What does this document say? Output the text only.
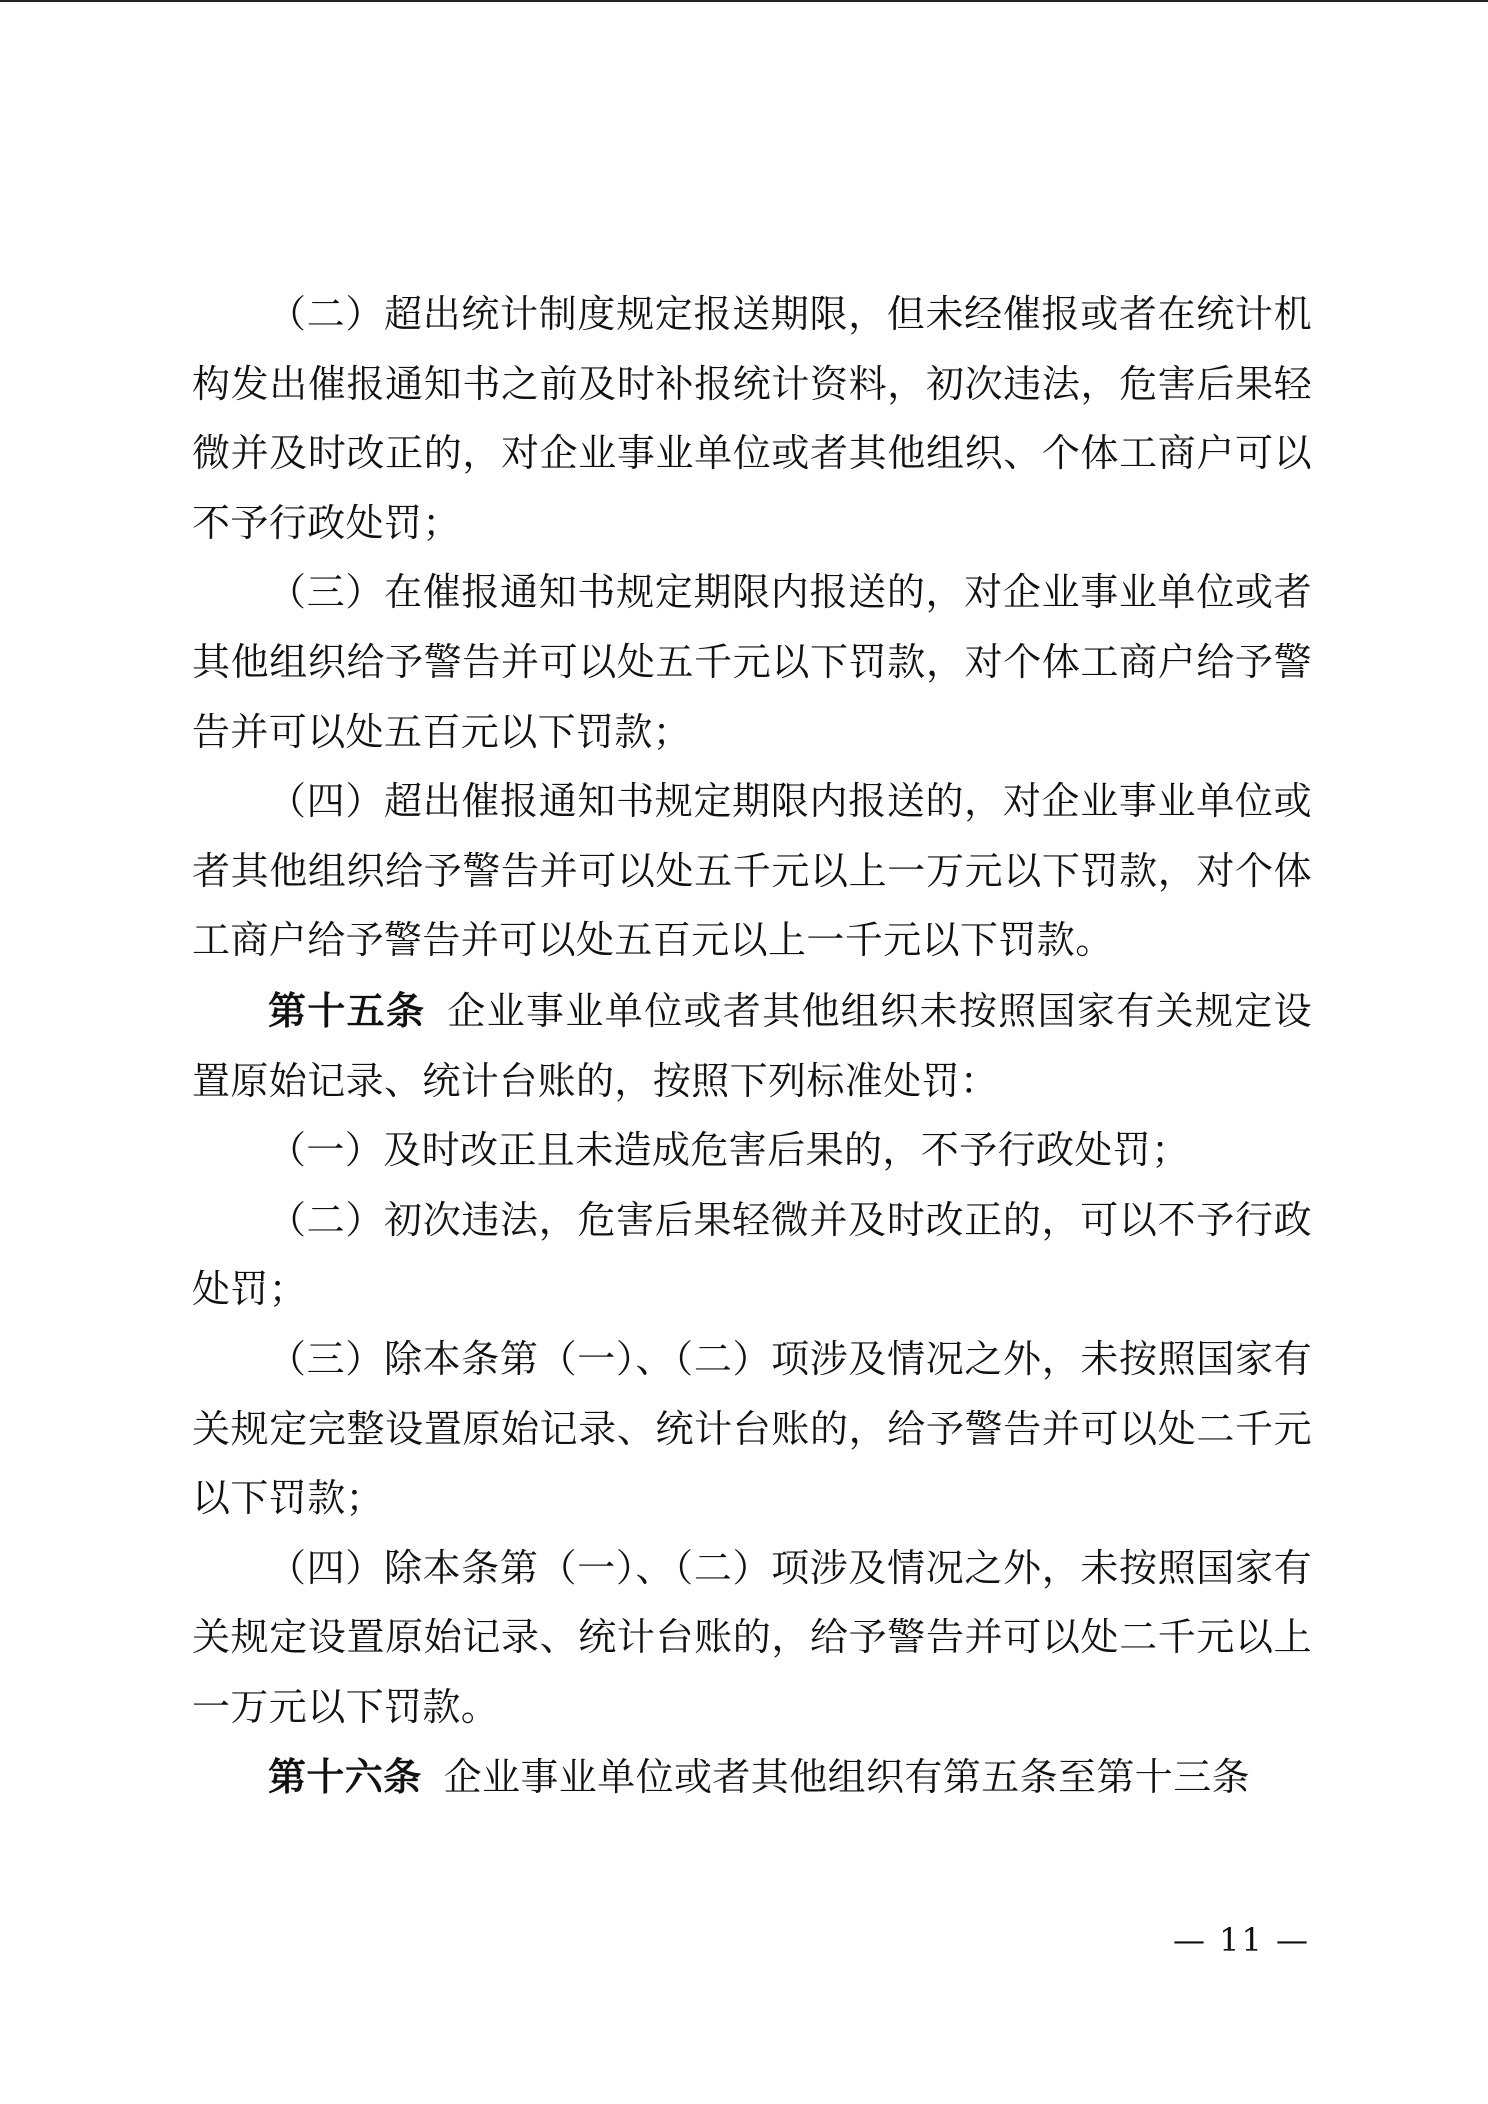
（二）超出统计制度规定报送期限，但未经催报或者在统计机构发出催报通知书之前及时补报统计资料，初次违法，危害后果轻微并及时改正的，对企业事业单位或者其他组织、个体工商户可以不予行政处罚；

（三）在催报通知书规定期限内报送的，对企业事业单位或者其他组织给予警告并可以处五千元以下罚款，对个体工商户给予警告并可以处五百元以下罚款；

（四）超出催报通知书规定期限内报送的，对企业事业单位或者其他组织给予警告并可以处五千元以上一万元以下罚款，对个体工商户给予警告并可以处五百元以上一千元以下罚款。

第十五条 企业事业单位或者其他组织未按照国家有关规定设置原始记录、统计台账的，按照下列标准处罚：

（一）及时改正且未造成危害后果的，不予行政处罚；

（二）初次违法，危害后果轻微并及时改正的，可以不予行政处罚；

（三）除本条第（一）、（二）项涉及情况之外，未按照国家有关规定完整设置原始记录、统计台账的，给予警告并可以处二千元以下罚款；

（四）除本条第（一）、（二）项涉及情况之外，未按照国家有关规定设置原始记录、统计台账的，给予警告并可以处二千元以上一万元以下罚款。

第十六条 企业事业单位或者其他组织有第五条至第十三条

— 11 —
